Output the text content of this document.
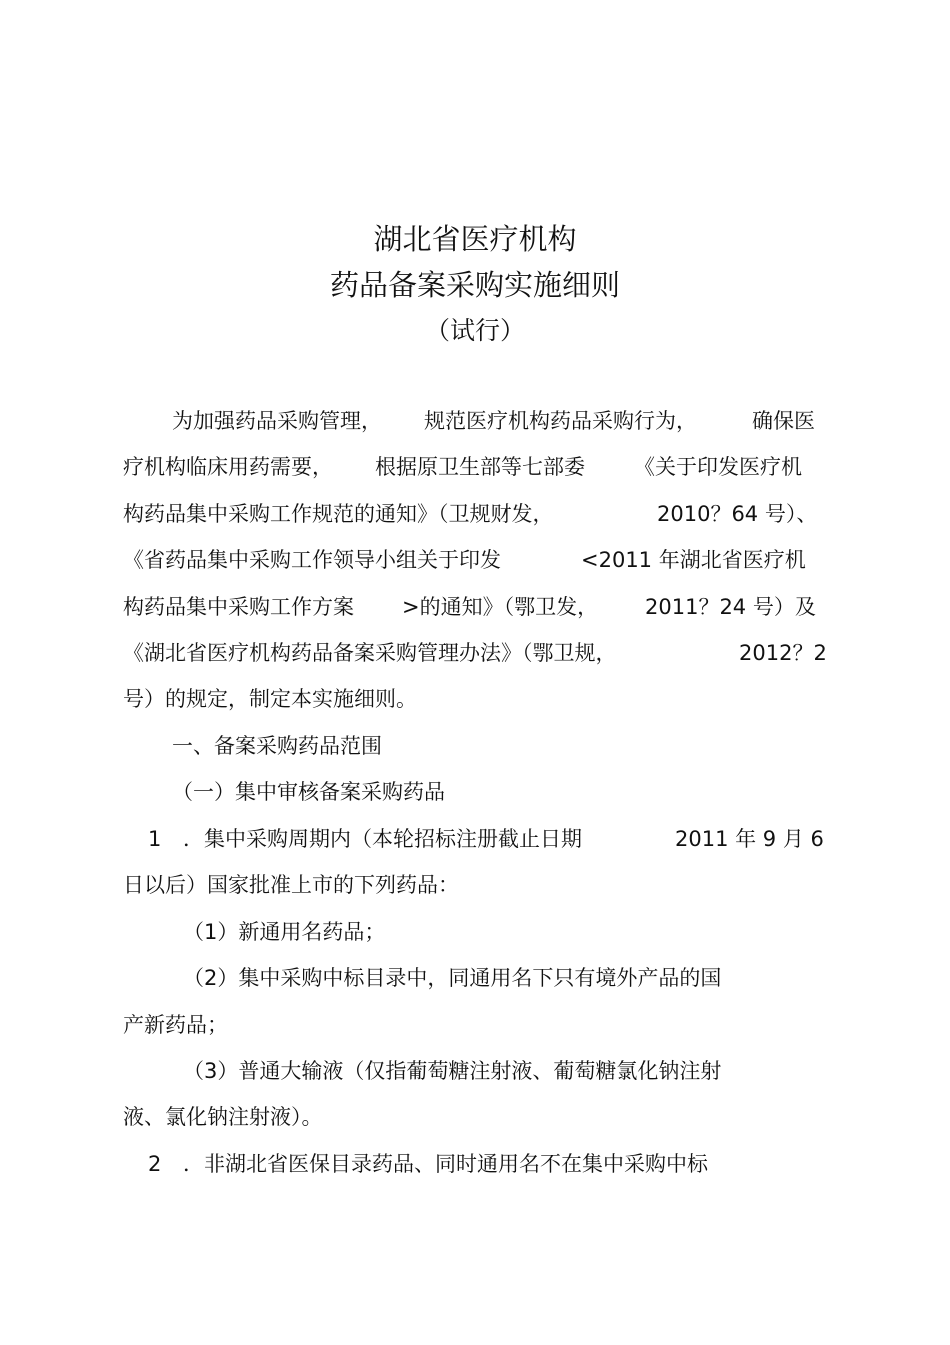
湖北省医疗机构
药品备案采购实施细则
（试行）
为加强药品采购管理， 规范医疗机构药品采购行为，	确保医
疗机构临床用药需要， 根据原卫生部等七部委 《关于印发医疗机
构药品集中采购工作规范的通知》（卫规财发，	2010？64 号）、
《省药品集中采购工作领导小组关于印发	<2011 年湖北省医疗机
构药品集中采购工作方案 >的通知》（鄂卫发， 2011？24 号）及
《湖北省医疗机构药品备案采购管理办法》（鄂卫规，	2012？2
号）的规定，制定本实施细则。
一、备案采购药品范围
（一）集中审核备案采购药品
1 ．集中采购周期内（本轮招标注册截止日期	2011 年 9 月 6
日以后）国家批准上市的下列药品：
（1）新通用名药品；
（2）集中采购中标目录中，同通用名下只有境外产品的国
产新药品；
（3）普通大输液（仅指葡萄糖注射液、葡萄糖氯化钠注射
液、氯化钠注射液）。
2 ．非湖北省医保目录药品、同时通用名不在集中采购中标
